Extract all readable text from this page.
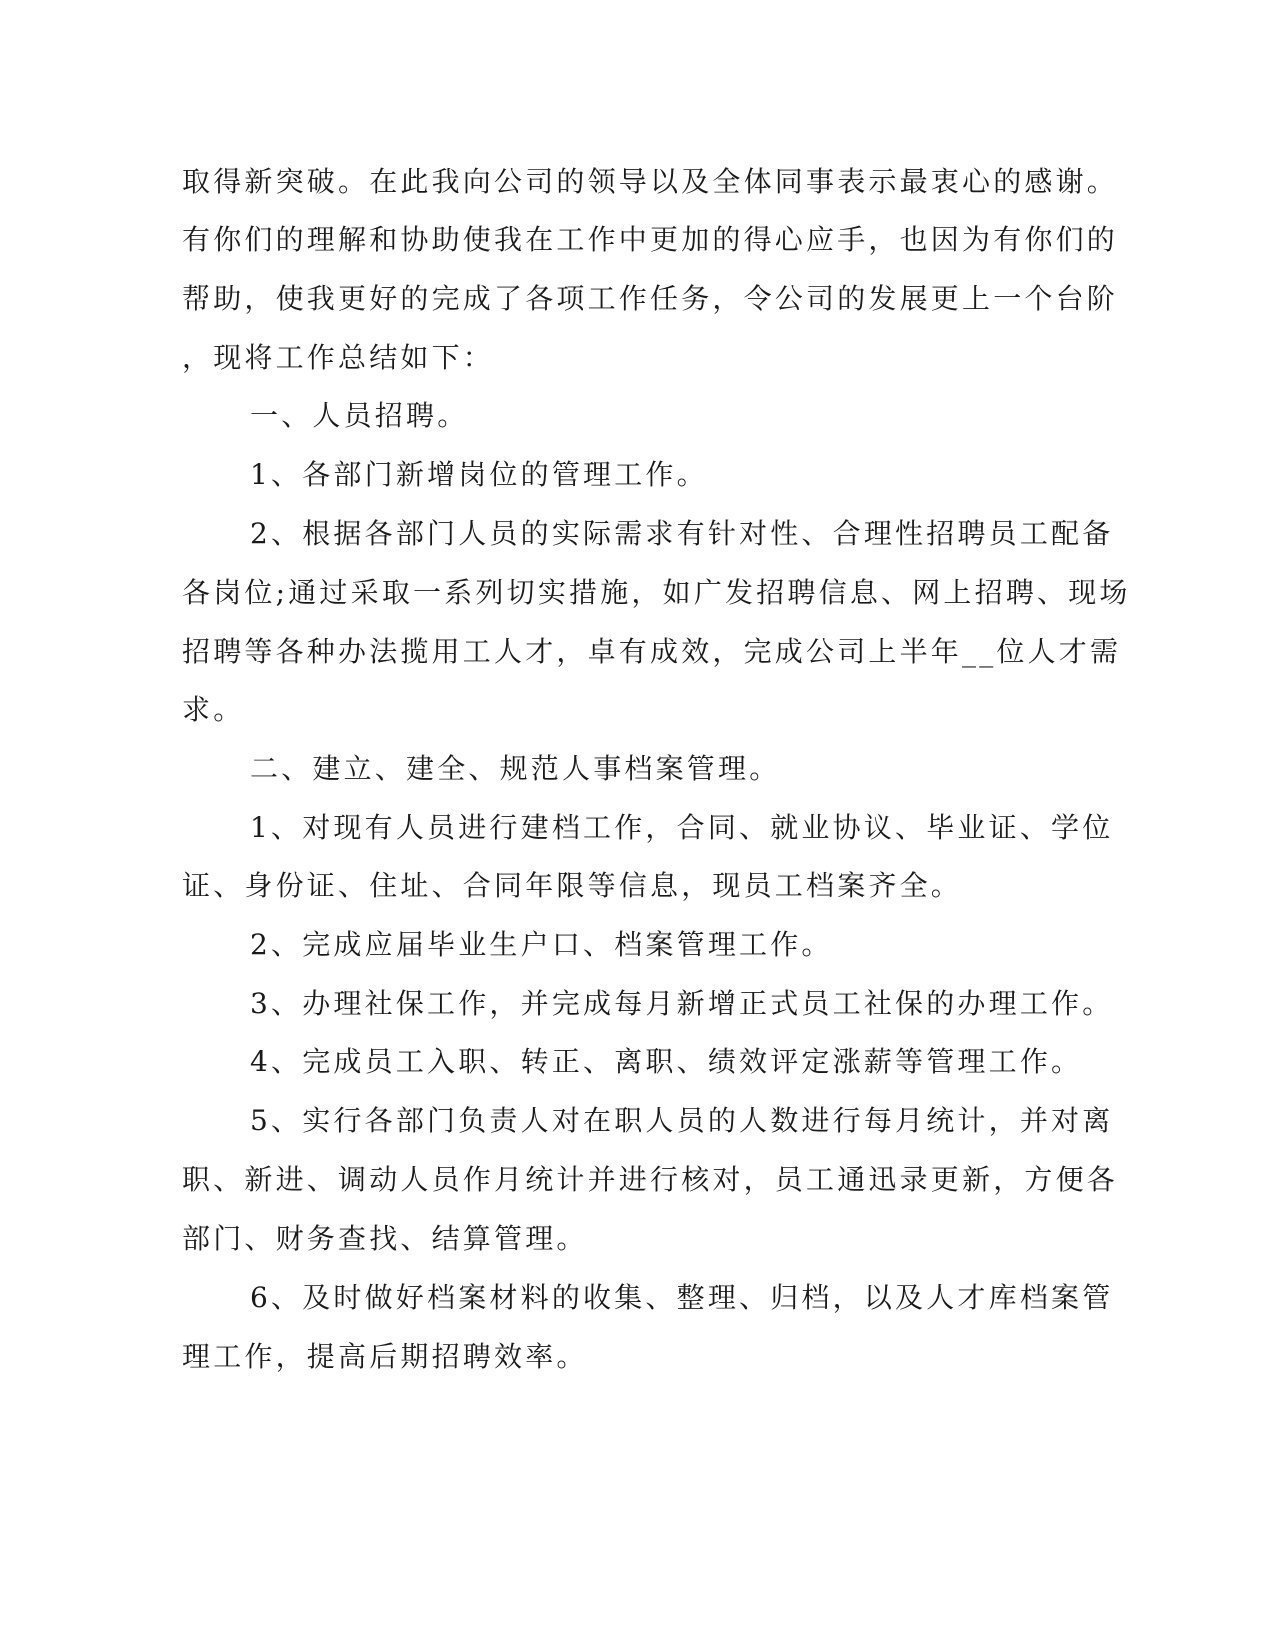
取得新突破。在此我向公司的领导以及全体同事表示最衷心的感谢。
有你们的理解和协助使我在工作中更加的得心应手，也因为有你们的
帮助，使我更好的完成了各项工作任务，令公司的发展更上一个台阶
，现将工作总结如下：
一、人员招聘。
1、各部门新增岗位的管理工作。
2、根据各部门人员的实际需求有针对性、合理性招聘员工配备
各岗位;通过采取一系列切实措施，如广发招聘信息、网上招聘、现场
招聘等各种办法揽用工人才，卓有成效，完成公司上半年__位人才需
求。
二、建立、建全、规范人事档案管理。
1、对现有人员进行建档工作，合同、就业协议、毕业证、学位
证、身份证、住址、合同年限等信息，现员工档案齐全。
2、完成应届毕业生户口、档案管理工作。
3、办理社保工作，并完成每月新增正式员工社保的办理工作。
4、完成员工入职、转正、离职、绩效评定涨薪等管理工作。
5、实行各部门负责人对在职人员的人数进行每月统计，并对离
职、新进、调动人员作月统计并进行核对，员工通迅录更新，方便各
部门、财务查找、结算管理。
6、及时做好档案材料的收集、整理、归档，以及人才库档案管
理工作，提高后期招聘效率。
